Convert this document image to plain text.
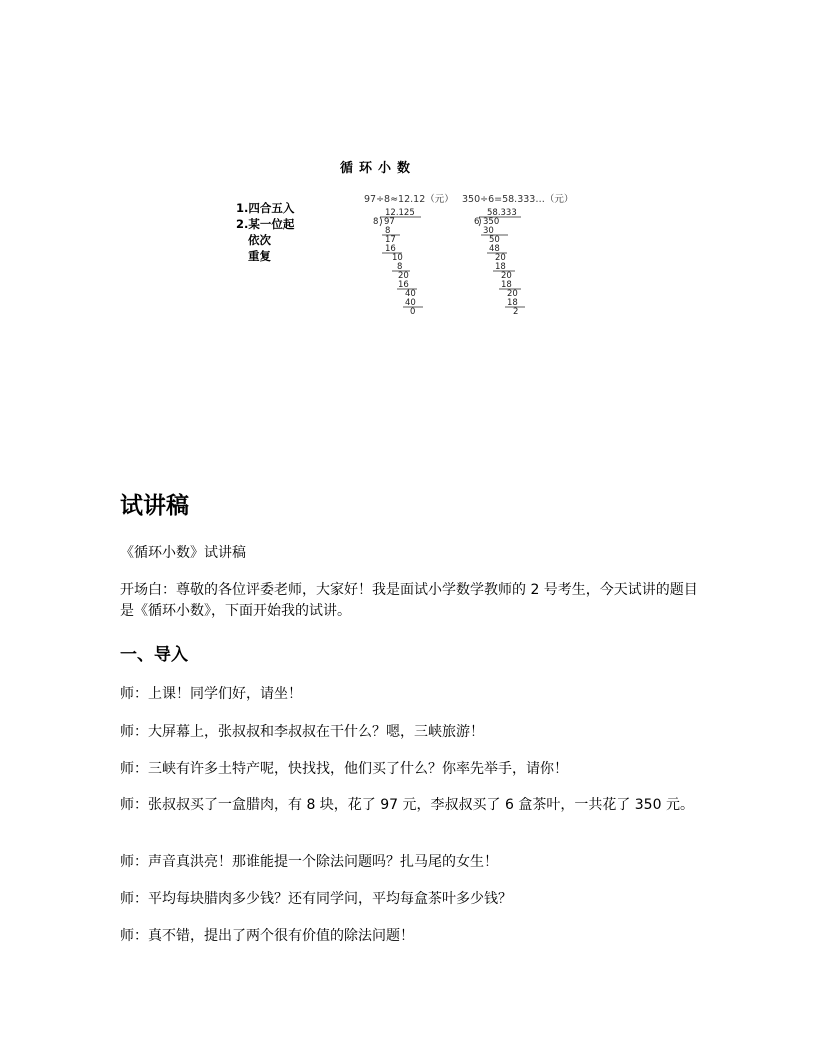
循环小数
1.四合五入
2.某一位起
依次
重复
97÷8≈12.12（元） 350÷6=58.333…（元）
12.125
8 97
8
17
16
10
8
20
16
40
40
0
58.333
6 350
30
50
48
20
18
20
18
20
18
2
试讲稿
《循环小数》试讲稿
开场白：尊敬的各位评委老师，大家好！我是面试小学数学教师的 2 号考生，今天试讲的题目是《循环小数》，下面开始我的试讲。
一、导入
师：上课！同学们好，请坐！
师：大屏幕上，张叔叔和李叔叔在干什么？嗯，三峡旅游！
师：三峡有许多土特产呢，快找找，他们买了什么？你率先举手，请你！
师：张叔叔买了一盒腊肉，有 8 块，花了 97 元，李叔叔买了 6 盒茶叶，一共花了 350 元。
师：声音真洪亮！那谁能提一个除法问题吗？扎马尾的女生！
师：平均每块腊肉多少钱？还有同学问，平均每盒茶叶多少钱？
师：真不错，提出了两个很有价值的除法问题！
